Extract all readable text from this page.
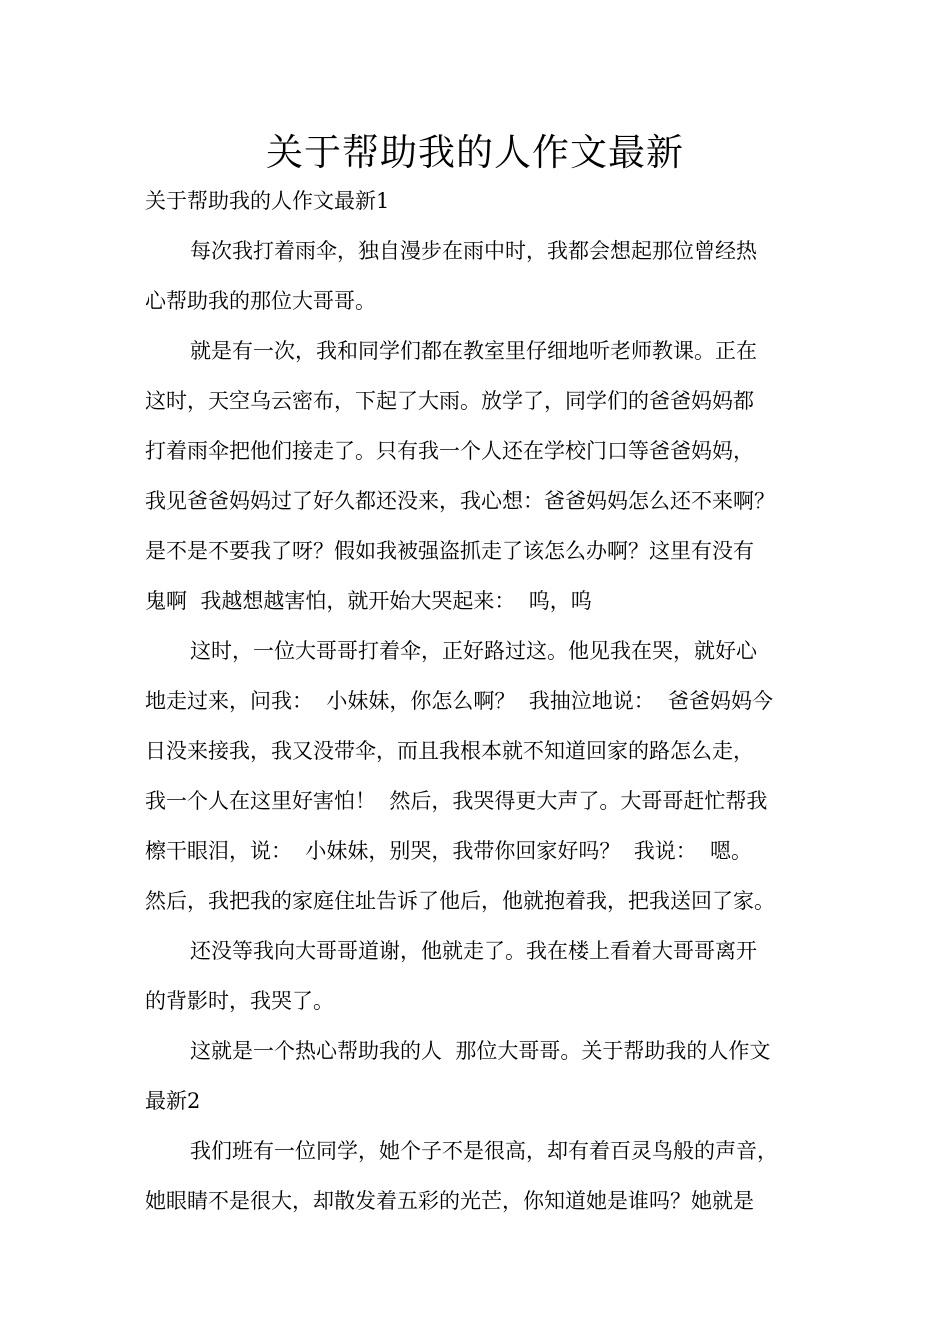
关于帮助我的人作文最新

关于帮助我的人作文最新1

每次我打着雨伞，独自漫步在雨中时，我都会想起那位曾经热

心帮助我的那位大哥哥。

就是有一次，我和同学们都在教室里仔细地听老师教课。正在

这时，天空乌云密布，下起了大雨。放学了，同学们的爸爸妈妈都

打着雨伞把他们接走了。只有我一个人还在学校门口等爸爸妈妈，

我见爸爸妈妈过了好久都还没来，我心想：爸爸妈妈怎么还不来啊？

是不是不要我了呀？假如我被强盗抓走了该怎么办啊？这里有没有

鬼啊  我越想越害怕，就开始大哭起来：  呜，呜

这时，一位大哥哥打着伞，正好路过这。他见我在哭，就好心

地走过来，问我：  小妹妹，你怎么啊？  我抽泣地说：  爸爸妈妈今

日没来接我，我又没带伞，而且我根本就不知道回家的路怎么走，

我一个人在这里好害怕！  然后，我哭得更大声了。大哥哥赶忙帮我

檫干眼泪，说：  小妹妹，别哭，我带你回家好吗？  我说：  嗯。

然后，我把我的家庭住址告诉了他后，他就抱着我，把我送回了家。

还没等我向大哥哥道谢，他就走了。我在楼上看着大哥哥离开

的背影时，我哭了。

这就是一个热心帮助我的人  那位大哥哥。关于帮助我的人作文

最新2

我们班有一位同学，她个子不是很高，却有着百灵鸟般的声音，

她眼睛不是很大，却散发着五彩的光芒，你知道她是谁吗？她就是
